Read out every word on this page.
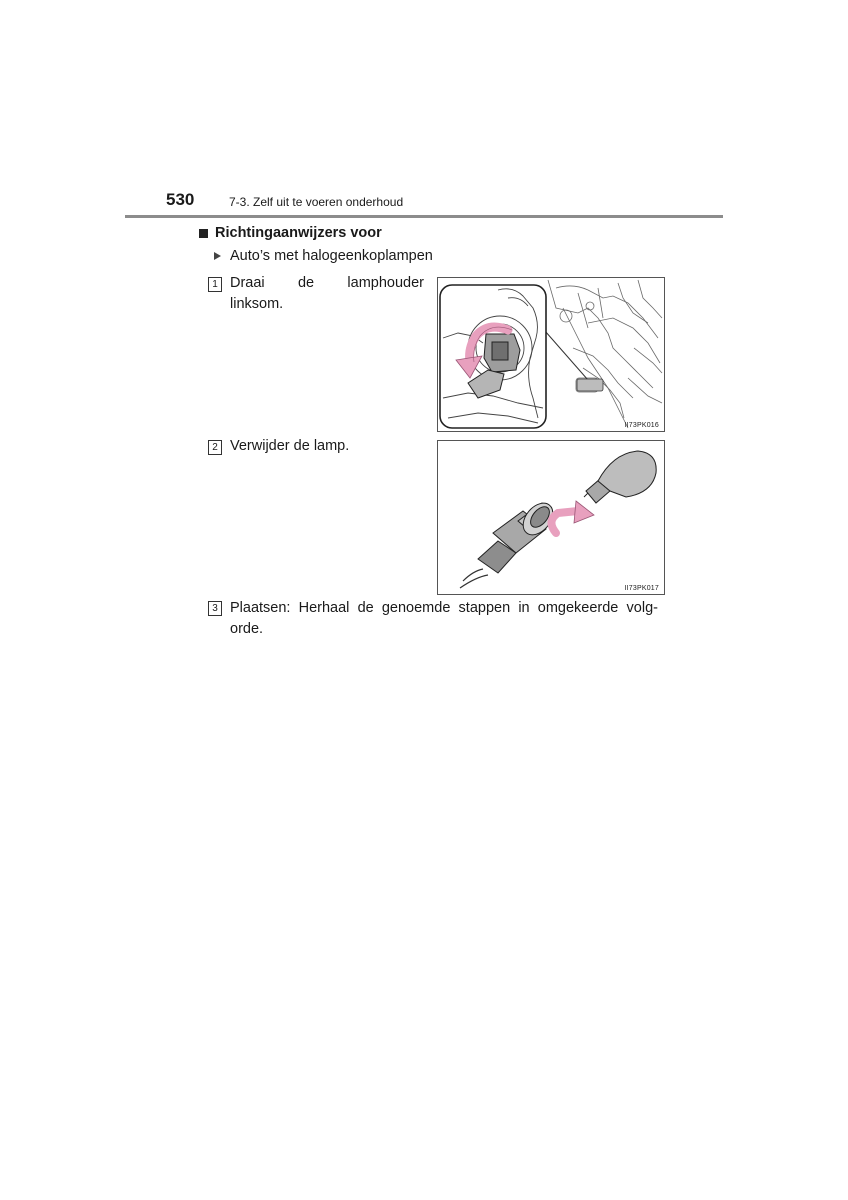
530	7-3. Zelf uit te voeren onderhoud
Richtingaanwijzers voor
Auto’s met halogeenkoplampen
1 Draai de lamphouder
linksom.
II73PK016
2 Verwijder de lamp.
II73PK017
3 Plaatsen: Herhaal de genoemde stappen in omgekeerde volg-
orde.
